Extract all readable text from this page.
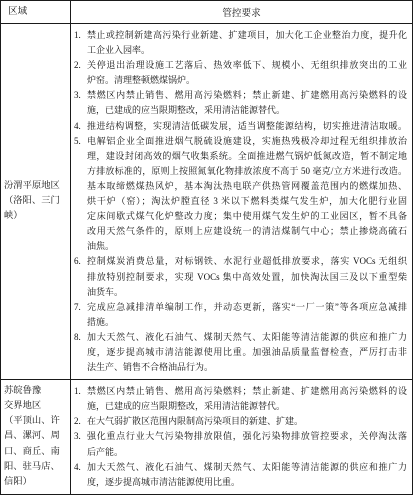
区域	管控要求
汾渭平原地区
（洛阳、三门
峡）
1. 禁止或控制新建高污染行业新建、扩建项目，加大化工企业整治力度，提升化
工企业入园率。
2. 关停退出治理设施工艺落后、热效率低下、规模小、无组织排放突出的工业
炉窑。清理整顿燃煤锅炉。
3. 禁燃区内禁止销售、燃用高污染燃料；禁止新建、扩建燃用高污染燃料的设
施，已建成的应当限期整改，采用清洁能源替代。
4. 推进结构调整，实现清洁低碳发展，适当调整能源结构，切实推进清洁取暖。
5. 电解铝企业全面推进烟气脱硫设施建设，实施热残极冷却过程无组织排放治
理，建设封闭高效的烟气收集系统。全面推进燃气锅炉低氮改造，暂不制定地
方排放标准的，原则上按照氮氧化物排放浓度不高于 50 毫克/立方米进行改造。
基本取缔燃煤热风炉，基本淘汰热电联产供热管网覆盖范围内的燃煤加热、
烘干炉（窑）；淘汰炉膛直径 3 米以下燃料类煤气发生炉，加大化肥行业固
定床间歇式煤气化炉整改力度；集中使用煤气发生炉的工业园区，暂不具备
改用天然气条件的，原则上应建设统一的清洁煤制气中心；禁止掺烧高硫石
油焦。
6. 控制煤炭消费总量，对标钢铁、水泥行业超低排放要求，落实 VOCs 无组织
排放特别控制要求，实现 VOCs 集中高效处置，加快淘汰国三及以下重型柴
油货车。
7. 完成应急减排清单编制工作，并动态更新，落实“一厂一策”等各项应急减排
措施。
8. 加大天然气、液化石油气、煤制天然气、太阳能等清洁能源的供应和推广力
度，逐步提高城市清洁能源使用比重。加强油品质量监督检查，严厉打击非
法生产、销售不合格油品行为。
苏皖鲁豫
交界地区
（平顶山、许
昌、漯河、周
口、商丘、南
阳、驻马店、
信阳）
1. 禁燃区内禁止销售、燃用高污染燃料；禁止新建、扩建燃用高污染燃料的设
施，已建成的应当限期整改，采用清洁能源替代。
2. 在大气弱扩散区范围内限制高污染项目的新建、扩建。
3. 强化重点行业大气污染物排放限值，强化污染物排放管控要求，关停淘汰落
后产能。
4. 加大天然气、液化石油气、煤制天然气、太阳能等清洁能源的供应和推广力
度，逐步提高城市清洁能源使用比重。
